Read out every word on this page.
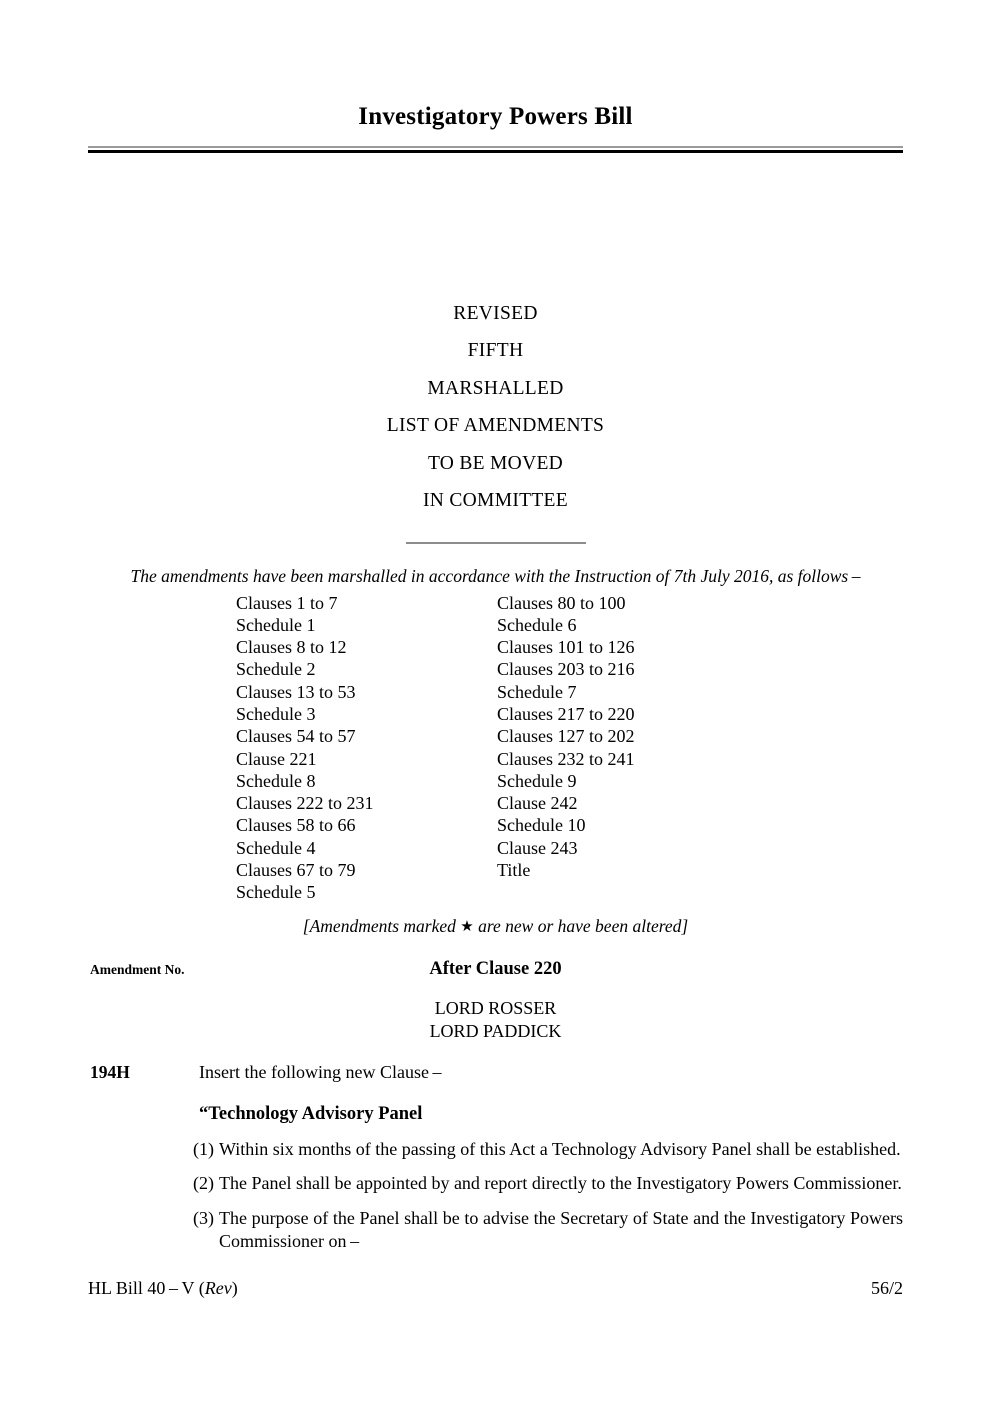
Investigatory Powers Bill
REVISED
FIFTH
MARSHALLED
LIST OF AMENDMENTS
TO BE MOVED
IN COMMITTEE
The amendments have been marshalled in accordance with the Instruction of 7th July 2016, as follows –
Clauses 1 to 7
Schedule 1
Clauses 8 to 12
Schedule 2
Clauses 13 to 53
Schedule 3
Clauses 54 to 57
Clause 221
Schedule 8
Clauses 222 to 231
Clauses 58 to 66
Schedule 4
Clauses 67 to 79
Schedule 5
Clauses 80 to 100
Schedule 6
Clauses 101 to 126
Clauses 203 to 216
Schedule 7
Clauses 217 to 220
Clauses 127 to 202
Clauses 232 to 241
Schedule 9
Clause 242
Schedule 10
Clause 243
Title
[Amendments marked ★ are new or have been altered]
Amendment No.	After Clause 220
LORD ROSSER
LORD PADDICK
194H	Insert the following new Clause –
“Technology Advisory Panel
(1) Within six months of the passing of this Act a Technology Advisory Panel shall be established.
(2) The Panel shall be appointed by and report directly to the Investigatory Powers Commissioner.
(3) The purpose of the Panel shall be to advise the Secretary of State and the Investigatory Powers Commissioner on –
HL Bill 40 – V (Rev)	56/2
